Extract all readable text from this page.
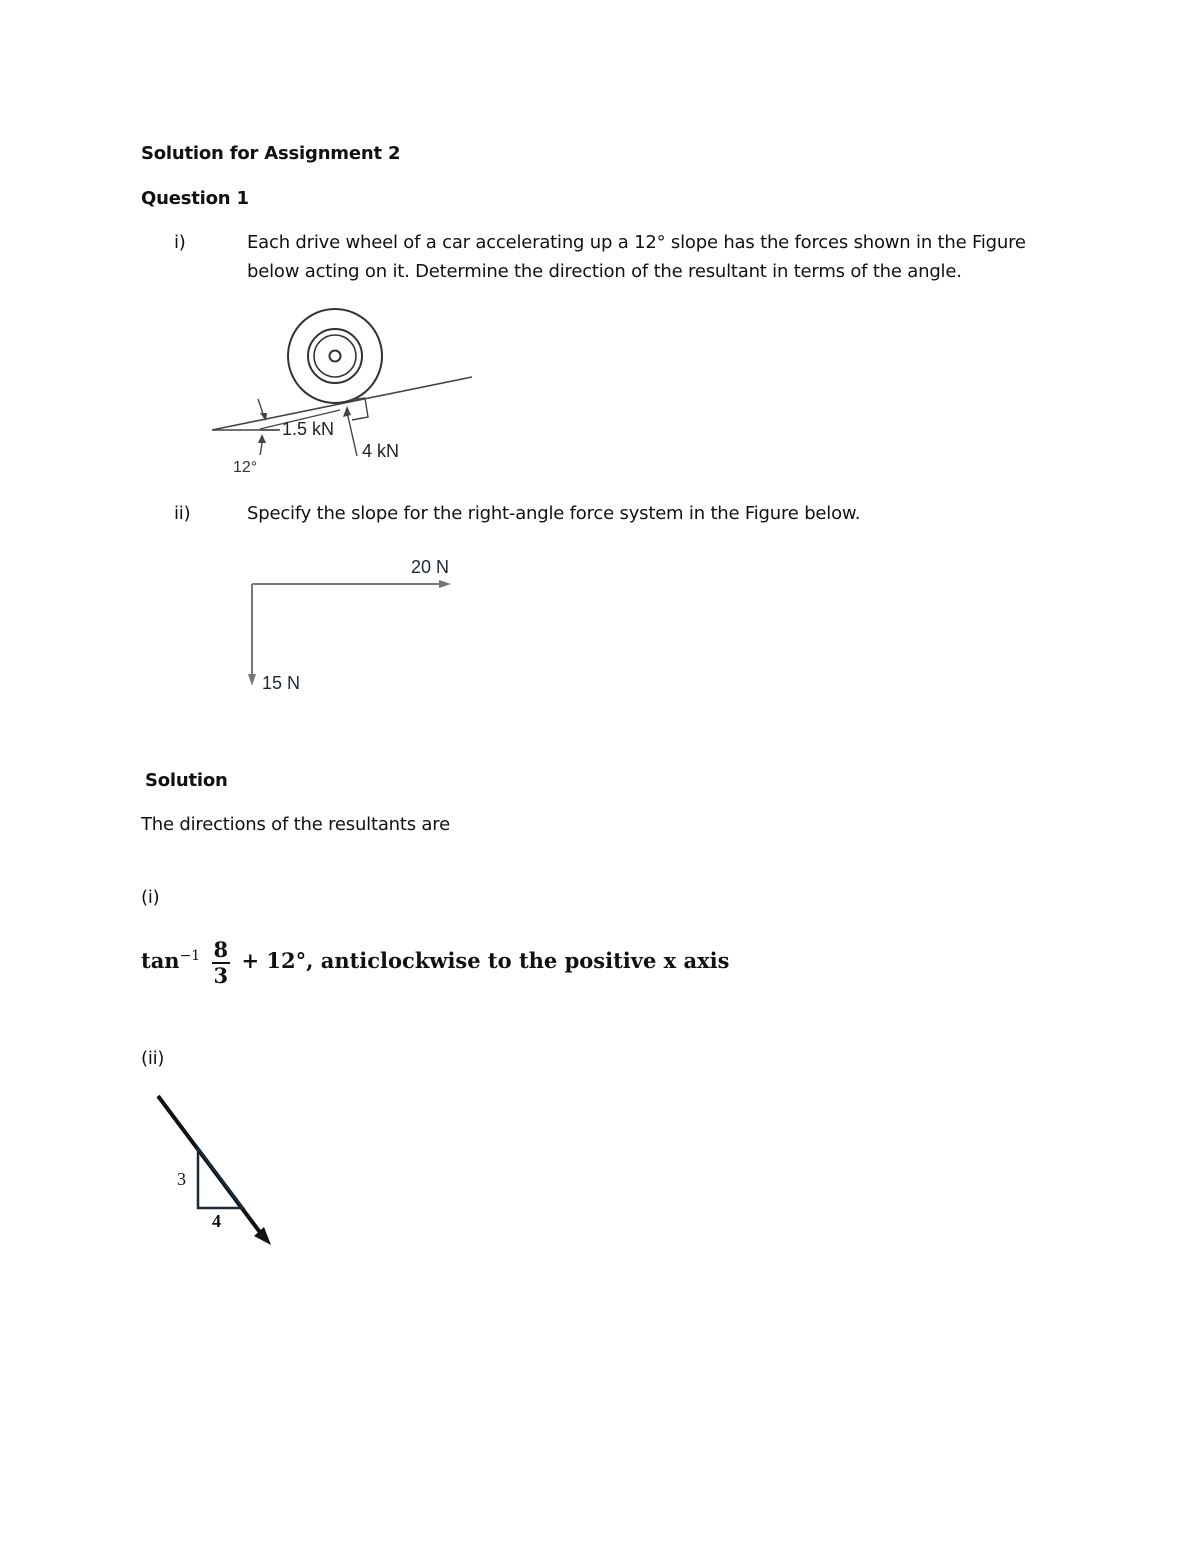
Solution for Assignment 2
Question 1
i)	Each drive wheel of a car accelerating up a 12° slope has the forces shown in the Figure
below acting on it. Determine the direction of the resultant in terms of the angle.
1.5 kN
4 kN
12°
ii)	Specify the slope for the right-angle force system in the Figure below.
20 N
15 N
Solution
The directions of the resultants are
(i)
$\tan^{-1} \frac{8}{3} + 12^\circ$, anticlockwise to the positive x axis
(ii)
3
4
